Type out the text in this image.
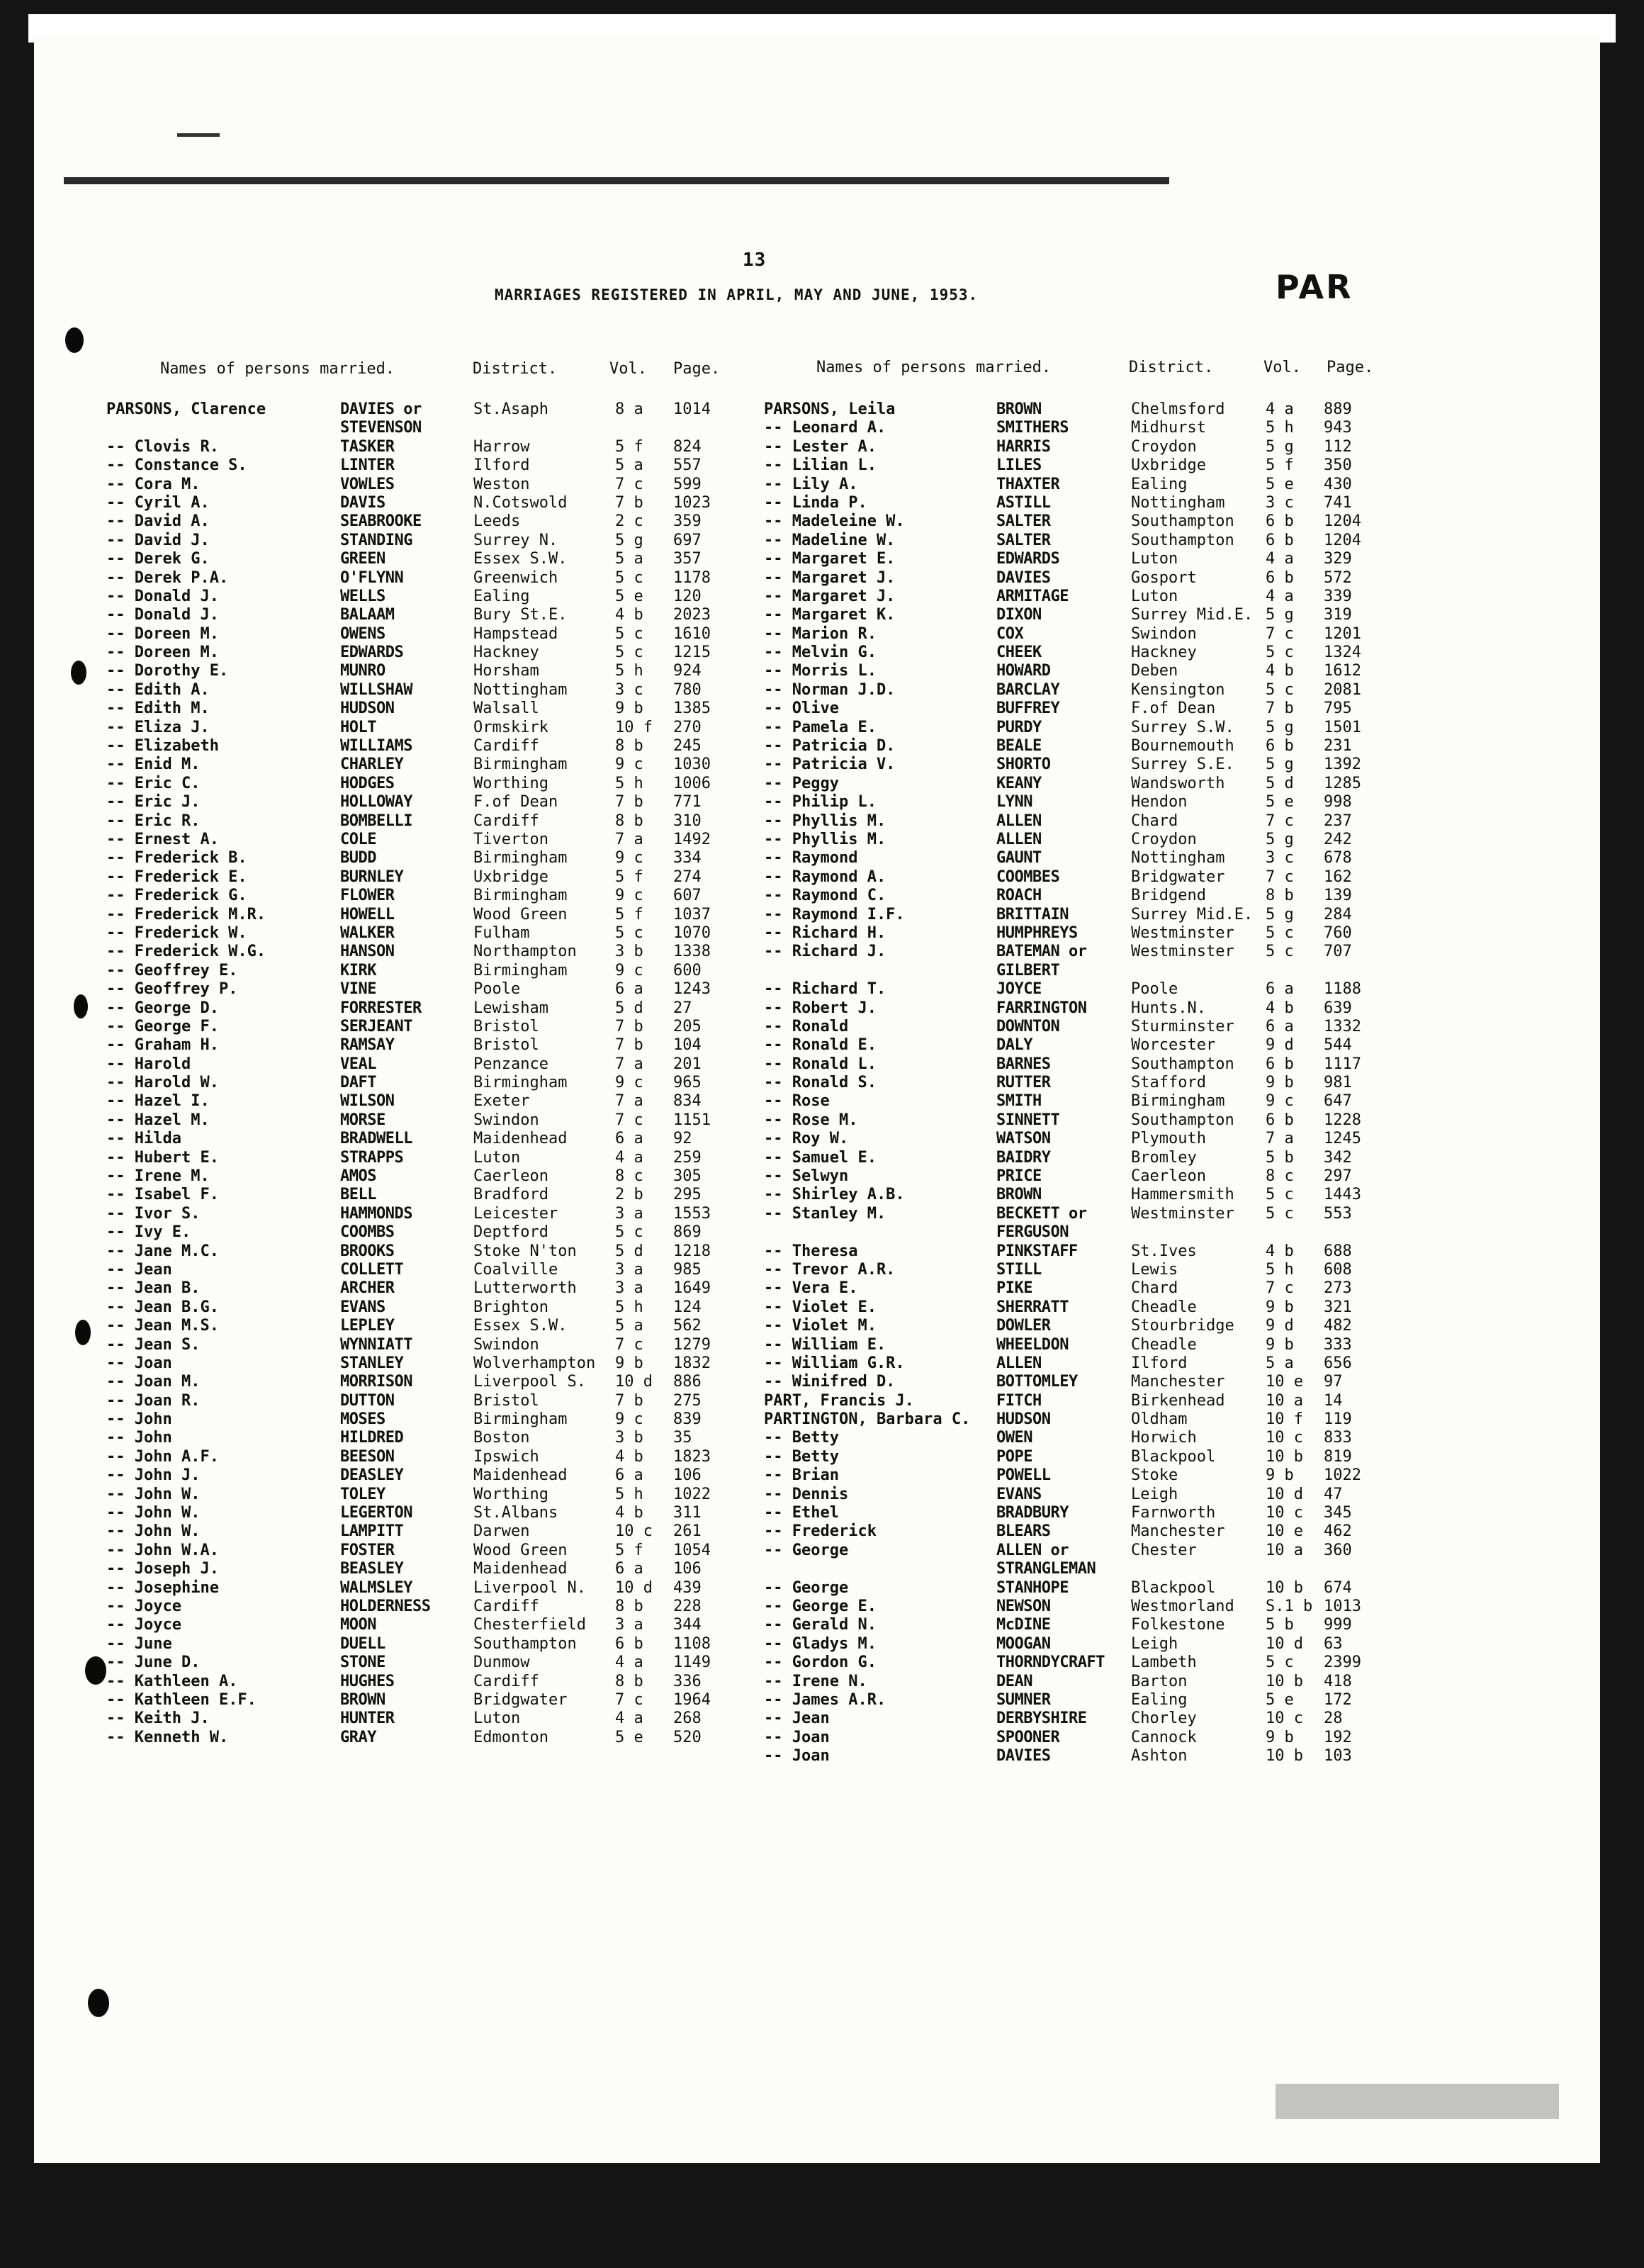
13
MARRIAGES REGISTERED IN APRIL, MAY AND JUNE, 1953.	PAR
Names of persons married.	District.	Vol. Page.	Names of persons married.	District.	Vol. Page.
PARSONS, Clarence	DAVIES or	St.Asaph	8 a 1014
STEVENSON
-- Clovis R.	TASKER	Harrow	5 f 824
-- Constance S.	LINTER	Ilford	5 a 557
-- Cora M.	VOWLES	Weston	7 c 599
-- Cyril A.	DAVIS	N.Cotswold	7 b 1023
-- David A.	SEABROOKE	Leeds	2 c 359
-- David J.	STANDING	Surrey N.	5 g 697
-- Derek G.	GREEN	Essex S.W.	5 a 357
-- Derek P.A.	O'FLYNN	Greenwich	5 c 1178
-- Donald J.	WELLS	Ealing	5 e 120
-- Donald J.	BALAAM	Bury St.E.	4 b 2023
-- Doreen M.	OWENS	Hampstead	5 c 1610
-- Doreen M.	EDWARDS	Hackney	5 c 1215
-- Dorothy E.	MUNRO	Horsham	5 h 924
-- Edith A.	WILLSHAW	Nottingham	3 c 780
-- Edith M.	HUDSON	Walsall	9 b 1385
-- Eliza J.	HOLT	Ormskirk	10 f 270
-- Elizabeth	WILLIAMS	Cardiff	8 b 245
-- Enid M.	CHARLEY	Birmingham	9 c 1030
-- Eric C.	HODGES	Worthing	5 h 1006
-- Eric J.	HOLLOWAY	F.of Dean	7 b 771
-- Eric R.	BOMBELLI	Cardiff	8 b 310
-- Ernest A.	COLE	Tiverton	7 a 1492
-- Frederick B.	BUDD	Birmingham	9 c 334
-- Frederick E.	BURNLEY	Uxbridge	5 f 274
-- Frederick G.	FLOWER	Birmingham	9 c 607
-- Frederick M.R.	HOWELL	Wood Green	5 f 1037
-- Frederick W.	WALKER	Fulham	5 c 1070
-- Frederick W.G.	HANSON	Northampton 3 b 1338
-- Geoffrey E.	KIRK	Birmingham	9 c 600
-- Geoffrey P.	VINE	Poole	6 a 1243
-- George D.	FORRESTER	Lewisham	5 d 27
-- George F.	SERJEANT	Bristol	7 b 205
-- Graham H.	RAMSAY	Bristol	7 b 104
-- Harold	VEAL	Penzance	7 a 201
-- Harold W.	DAFT	Birmingham	9 c 965
-- Hazel I.	WILSON	Exeter	7 a 834
-- Hazel M.	MORSE	Swindon	7 c 1151
-- Hilda	BRADWELL	Maidenhead	6 a 92
-- Hubert E.	STRAPPS	Luton	4 a 259
-- Irene M.	AMOS	Caerleon	8 c 305
-- Isabel F.	BELL	Bradford	2 b 295
-- Ivor S.	HAMMONDS	Leicester	3 a 1553
-- Ivy E.	COOMBS	Deptford	5 c 869
-- Jane M.C.	BROOKS	Stoke N'ton 5 d 1218
-- Jean	COLLETT	Coalville	3 a 985
-- Jean B.	ARCHER	Lutterworth 3 a 1649
-- Jean B.G.	EVANS	Brighton	5 h 124
-- Jean M.S.	LEPLEY	Essex S.W.	5 a 562
-- Jean S.	WYNNIATT	Swindon	7 c 1279
-- Joan	STANLEY	Wolverhampton 9 b 1832
-- Joan M.	MORRISON	Liverpool S. 10 d 886
-- Joan R.	DUTTON	Bristol	7 b 275
-- John	MOSES	Birmingham	9 c 839
-- John	HILDRED	Boston	3 b 35
-- John A.F.	BEESON	Ipswich	4 b 1823
-- John J.	DEASLEY	Maidenhead	6 a 106
-- John W.	TOLEY	Worthing	5 h 1022
-- John W.	LEGERTON	St.Albans	4 b 311
-- John W.	LAMPITT	Darwen	10 c 261
-- John W.A.	FOSTER	Wood Green	5 f 1054
-- Joseph J.	BEASLEY	Maidenhead	6 a 106
-- Josephine	WALMSLEY	Liverpool N. 10 d 439
-- Joyce	HOLDERNESS	Cardiff	8 b 228
-- Joyce	MOON	Chesterfield 3 a 344
-- June	DUELL	Southampton 6 b 1108
-- June D.	STONE	Dunmow	4 a 1149
-- Kathleen A.	HUGHES	Cardiff	8 b 336
-- Kathleen E.F.	BROWN	Bridgwater	7 c 1964
-- Keith J.	HUNTER	Luton	4 a 268
-- Kenneth W.	GRAY	Edmonton	5 e 520
PARSONS, Leila	BROWN	Chelmsford	4 a 889
-- Leonard A.	SMITHERS	Midhurst	5 h 943
-- Lester A.	HARRIS	Croydon	5 g 112
-- Lilian L.	LILES	Uxbridge	5 f 350
-- Lily A.	THAXTER	Ealing	5 e 430
-- Linda P.	ASTILL	Nottingham	3 c 741
-- Madeleine W.	SALTER	Southampton 6 b 1204
-- Madeline W.	SALTER	Southampton 6 b 1204
-- Margaret E.	EDWARDS	Luton	4 a 329
-- Margaret J.	DAVIES	Gosport	6 b 572
-- Margaret J.	ARMITAGE	Luton	4 a 339
-- Margaret K.	DIXON	Surrey Mid.E. 5 g 319
-- Marion R.	COX	Swindon	7 c 1201
-- Melvin G.	CHEEK	Hackney	5 c 1324
-- Morris L.	HOWARD	Deben	4 b 1612
-- Norman J.D.	BARCLAY	Kensington	5 c 2081
-- Olive	BUFFREY	F.of Dean	7 b 795
-- Pamela E.	PURDY	Surrey S.W. 5 g 1501
-- Patricia D.	BEALE	Bournemouth 6 b 231
-- Patricia V.	SHORTO	Surrey S.E. 5 g 1392
-- Peggy	KEANY	Wandsworth	5 d 1285
-- Philip L.	LYNN	Hendon	5 e 998
-- Phyllis M.	ALLEN	Chard	7 c 237
-- Phyllis M.	ALLEN	Croydon	5 g 242
-- Raymond	GAUNT	Nottingham	3 c 678
-- Raymond A.	COOMBES	Bridgwater	7 c 162
-- Raymond C.	ROACH	Bridgend	8 b 139
-- Raymond I.F.	BRITTAIN	Surrey Mid.E. 5 g 284
-- Richard H.	HUMPHREYS	Westminster 5 c 760
-- Richard J.	BATEMAN or	Westminster 5 c 707
GILBERT
-- Richard T.	JOYCE	Poole	6 a 1188
-- Robert J.	FARRINGTON	Hunts.N.	4 b 639
-- Ronald	DOWNTON	Sturminster 6 a 1332
-- Ronald E.	DALY	Worcester	9 d 544
-- Ronald L.	BARNES	Southampton 6 b 1117
-- Ronald S.	RUTTER	Stafford	9 b 981
-- Rose	SMITH	Birmingham	9 c 647
-- Rose M.	SINNETT	Southampton 6 b 1228
-- Roy W.	WATSON	Plymouth	7 a 1245
-- Samuel E.	BAIDRY	Bromley	5 b 342
-- Selwyn	PRICE	Caerleon	8 c 297
-- Shirley A.B.	BROWN	Hammersmith 5 c 1443
-- Stanley M.	BECKETT or	Westminster 5 c 553
FERGUSON
-- Theresa	PINKSTAFF	St.Ives	4 b 688
-- Trevor A.R.	STILL	Lewis	5 h 608
-- Vera E.	PIKE	Chard	7 c 273
-- Violet E.	SHERRATT	Cheadle	9 b 321
-- Violet M.	DOWLER	Stourbridge 9 d 482
-- William E.	WHEELDON	Cheadle	9 b 333
-- William G.R.	ALLEN	Ilford	5 a 656
-- Winifred D.	BOTTOMLEY	Manchester	10 e 97
PART, Francis J.	FITCH	Birkenhead	10 a 14
PARTINGTON, Barbara C. HUDSON	Oldham	10 f 119
-- Betty	OWEN	Horwich	10 c 833
-- Betty	POPE	Blackpool	10 b 819
-- Brian	POWELL	Stoke	9 b 1022
-- Dennis	EVANS	Leigh	10 d 47
-- Ethel	BRADBURY	Farnworth	10 c 345
-- Frederick	BLEARS	Manchester	10 e 462
-- George	ALLEN or	Chester	10 a 360
STRANGLEMAN
-- George	STANHOPE	Blackpool	10 b 674
-- George E.	NEWSON	Westmorland S.1 b 1013
-- Gerald N.	McDINE	Folkestone	5 b 999
-- Gladys M.	MOOGAN	Leigh	10 d 63
-- Gordon G.	THORNDYCRAFT Lambeth	5 c 2399
-- Irene N.	DEAN	Barton	10 b 418
-- James A.R.	SUMNER	Ealing	5 e 172
-- Jean	DERBYSHIRE	Chorley	10 c 28
-- Joan	SPOONER	Cannock	9 b 192
-- Joan	DAVIES	Ashton	10 b 103
